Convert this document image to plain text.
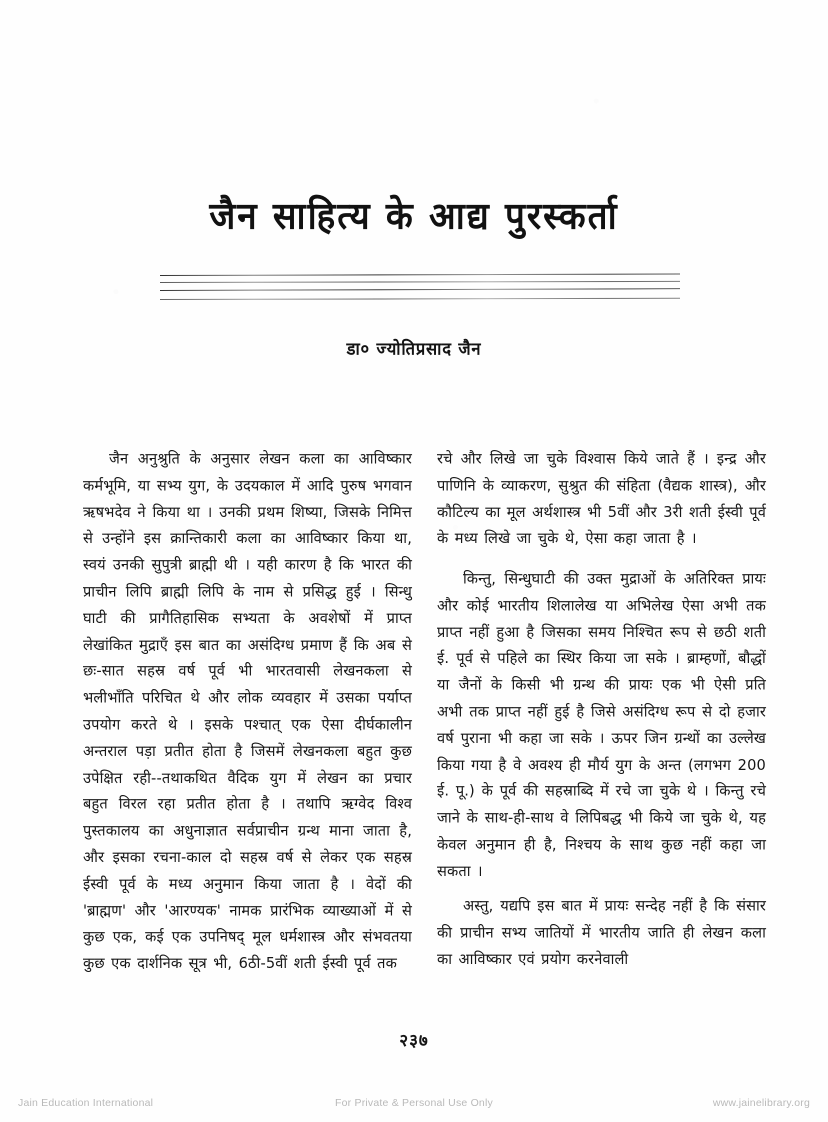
जैन साहित्य के आद्य पुरस्कर्ता
डा० ज्योतिप्रसाद जैन

जैन अनुश्रुति के अनुसार लेखन कला का आविष्कार कर्मभूमि, या सभ्य युग, के उदयकाल में आदि पुरुष भगवान ऋषभदेव ने किया था । उनकी प्रथम शिष्या, जिसके निमित्त से उन्होंने इस क्रान्तिकारी कला का आविष्कार किया था, स्वयं उनकी सुपुत्री ब्राह्मी थी । यही कारण है कि भारत की प्राचीन लिपि ब्राह्मी लिपि के नाम से प्रसिद्ध हुई । सिन्धु घाटी की प्रागैतिहासिक सभ्यता के अवशेषों में प्राप्त लेखांकित मुद्राएँ इस बात का असंदिग्ध प्रमाण हैं कि अब से छः-सात सहस्र वर्ष पूर्व भी भारतवासी लेखनकला से भलीभाँति परिचित थे और लोक व्यवहार में उसका पर्याप्त उपयोग करते थे । इसके पश्चात् एक ऐसा दीर्घकालीन अन्तराल पड़ा प्रतीत होता है जिसमें लेखनकला बहुत कुछ उपेक्षित रही--तथाकथित वैदिक युग में लेखन का प्रचार बहुत विरल रहा प्रतीत होता है । तथापि ऋग्वेद विश्व पुस्तकालय का अधुनाज्ञात सर्वप्राचीन ग्रन्थ माना जाता है, और इसका रचना-काल दो सहस्र वर्ष से लेकर एक सहस्र ईस्वी पूर्व के मध्य अनुमान किया जाता है । वेदों की 'ब्राह्मण' और 'आरण्यक' नामक प्रारंभिक व्याख्याओं में से कुछ एक, कई एक उपनिषद् मूल धर्मशास्त्र और संभवतया कुछ एक दार्शनिक सूत्र भी, 6ठी-5वीं शती ईस्वी पूर्व तक

रचे और लिखे जा चुके विश्वास किये जाते हैं । इन्द्र और पाणिनि के व्याकरण, सुश्रुत की संहिता (वैद्यक शास्त्र), और कौटिल्य का मूल अर्थशास्त्र भी 5वीं और 3री शती ईस्वी पूर्व के मध्य लिखे जा चुके थे, ऐसा कहा जाता है ।

किन्तु, सिन्धुघाटी की उक्त मुद्राओं के अतिरिक्त प्रायः और कोई भारतीय शिलालेख या अभिलेख ऐसा अभी तक प्राप्त नहीं हुआ है जिसका समय निश्चित रूप से छठी शती ई. पूर्व से पहिले का स्थिर किया जा सके । ब्राम्हणों, बौद्धों या जैनों के किसी भी ग्रन्थ की प्रायः एक भी ऐसी प्रति अभी तक प्राप्त नहीं हुई है जिसे असंदिग्ध रूप से दो हजार वर्ष पुराना भी कहा जा सके । ऊपर जिन ग्रन्थों का उल्लेख किया गया है वे अवश्य ही मौर्य युग के अन्त (लगभग 200 ई. पू.) के पूर्व की सहस्राब्दि में रचे जा चुके थे । किन्तु रचे जाने के साथ-ही-साथ वे लिपिबद्ध भी किये जा चुके थे, यह केवल अनुमान ही है, निश्चय के साथ कुछ नहीं कहा जा सकता ।

अस्तु, यद्यपि इस बात में प्रायः सन्देह नहीं है कि संसार की प्राचीन सभ्य जातियों में भारतीय जाति ही लेखन कला का आविष्कार एवं प्रयोग करनेवाली

२३७
Jain Education International	For Private & Personal Use Only	www.jainelibrary.org
